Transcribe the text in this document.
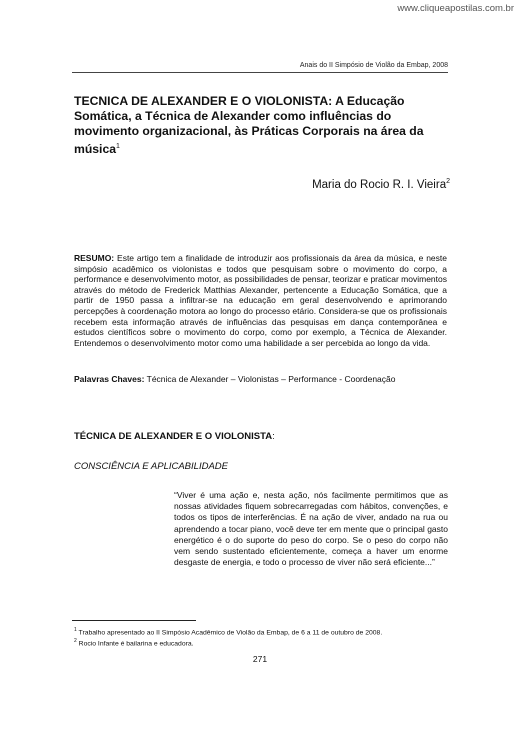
www.cliqueapostilas.com.br
Anais do II Simpósio de Violão da Embap, 2008
TECNICA DE ALEXANDER E O VIOLONISTA: A Educação Somática, a Técnica de Alexander como influências do movimento organizacional, às Práticas Corporais na área da música$^1$
Maria do Rocio R. I. Vieira$^2$

RESUMO: Este artigo tem a finalidade de introduzir aos profissionais da área da música, e neste simpósio acadêmico os violonistas e todos que pesquisam sobre o movimento do corpo, a performance e desenvolvimento motor, as possibilidades de pensar, teorizar e praticar movimentos através do método de Frederick Matthias Alexander, pertencente a Educação Somática, que a partir de 1950 passa a infiltrar-se na educação em geral desenvolvendo e aprimorando percepções à coordenação motora ao longo do processo etário. Considera-se que os profissionais recebem esta informação através de influências das pesquisas em dança contemporânea e estudos científicos sobre o movimento do corpo, como por exemplo, a Técnica de Alexander. Entendemos o desenvolvimento motor como uma habilidade a ser percebida ao longo da vida.

Palavras Chaves: Técnica de Alexander – Violonistas – Performance - Coordenação

TÉCNICA DE ALEXANDER E O VIOLONISTA:

CONSCIÊNCIA E APLICABILIDADE

“Viver é uma ação e, nesta ação, nós facilmente permitimos que as nossas atividades fiquem sobrecarregadas com hábitos, convenções, e todos os tipos de interferências. É na ação de viver, andado na rua ou aprendendo a tocar piano, você deve ter em mente que o principal gasto energético é o do suporte do peso do corpo. Se o peso do corpo não vem sendo sustentado eficientemente, começa a haver um enorme desgaste de energia, e todo o processo de viver não será eficiente...”

$^1$ Trabalho apresentado ao II Simpósio Acadêmico de Violão da Embap, de 6 a 11 de outubro de 2008.

$^2$ Rocio Infante é bailarina e educadora.

271
